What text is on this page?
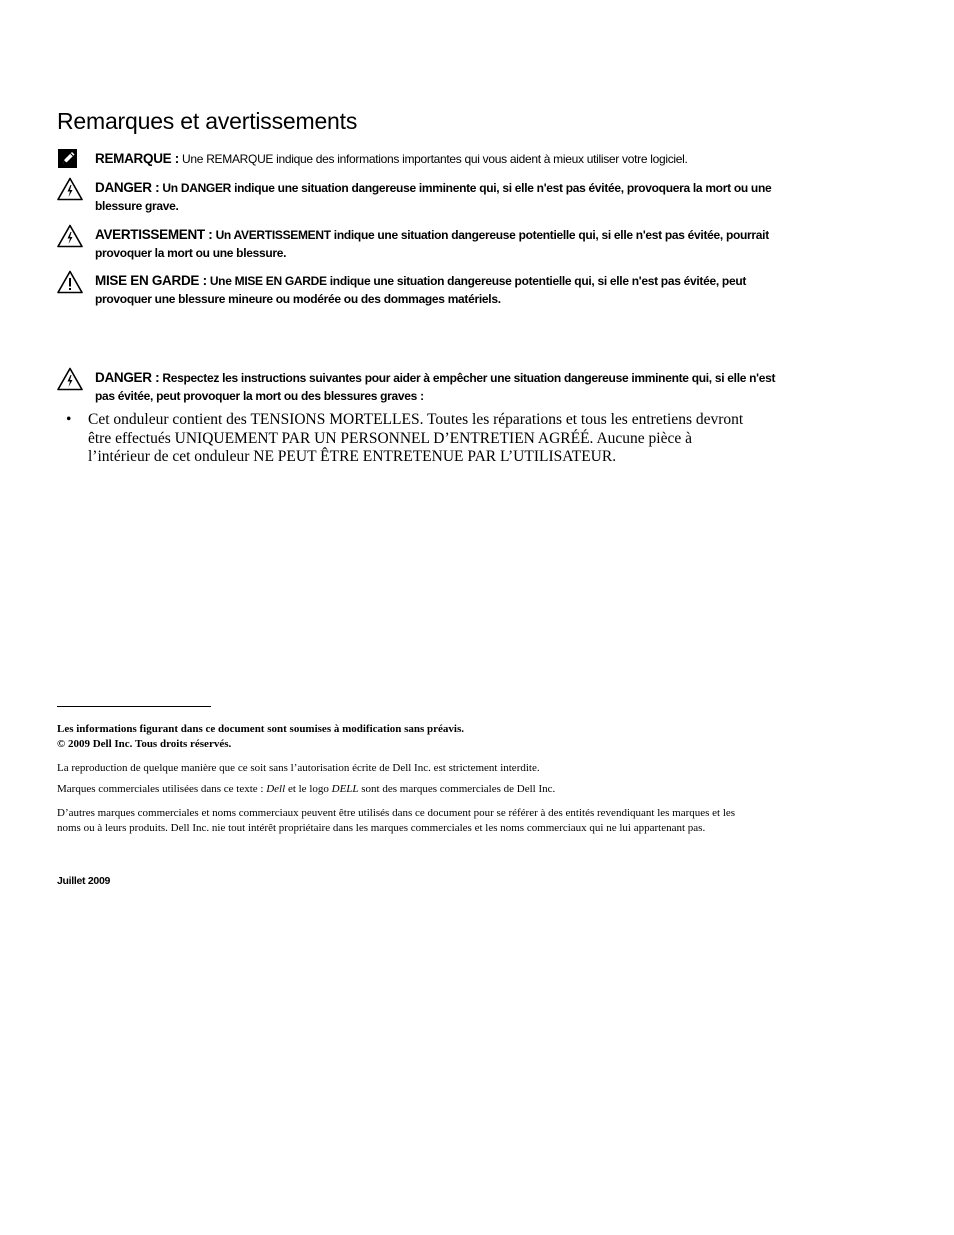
Remarques et avertissements
REMARQUE : Une REMARQUE indique des informations importantes qui vous aident à mieux utiliser votre logiciel.
DANGER : Un DANGER indique une situation dangereuse imminente qui, si elle n'est pas évitée, provoquera la mort ou une blessure grave.
AVERTISSEMENT : Un AVERTISSEMENT indique une situation dangereuse potentielle qui, si elle n'est pas évitée, pourrait provoquer la mort ou une blessure.
MISE EN GARDE : Une MISE EN GARDE indique une situation dangereuse potentielle qui, si elle n'est pas évitée, peut provoquer une blessure mineure ou modérée ou des dommages matériels.
DANGER : Respectez les instructions suivantes pour aider à empêcher une situation dangereuse imminente qui, si elle n'est pas évitée, peut provoquer la mort ou des blessures graves :
• Cet onduleur contient des TENSIONS MORTELLES. Toutes les réparations et tous les entretiens devront être effectués UNIQUEMENT PAR UN PERSONNEL D’ENTRETIEN AGRÉÉ. Aucune pièce à l’intérieur de cet onduleur NE PEUT ÊTRE ENTRETENUE PAR L’UTILISATEUR.
Les informations figurant dans ce document sont soumises à modification sans préavis.
© 2009 Dell Inc. Tous droits réservés.
La reproduction de quelque manière que ce soit sans l’autorisation écrite de Dell Inc. est strictement interdite.
Marques commerciales utilisées dans ce texte : Dell et le logo DELL sont des marques commerciales de Dell Inc.
D’autres marques commerciales et noms commerciaux peuvent être utilisés dans ce document pour se référer à des entités revendiquant les marques et les noms ou à leurs produits. Dell Inc. nie tout intérêt propriétaire dans les marques commerciales et les noms commerciaux qui ne lui appartenant pas.
Juillet 2009
